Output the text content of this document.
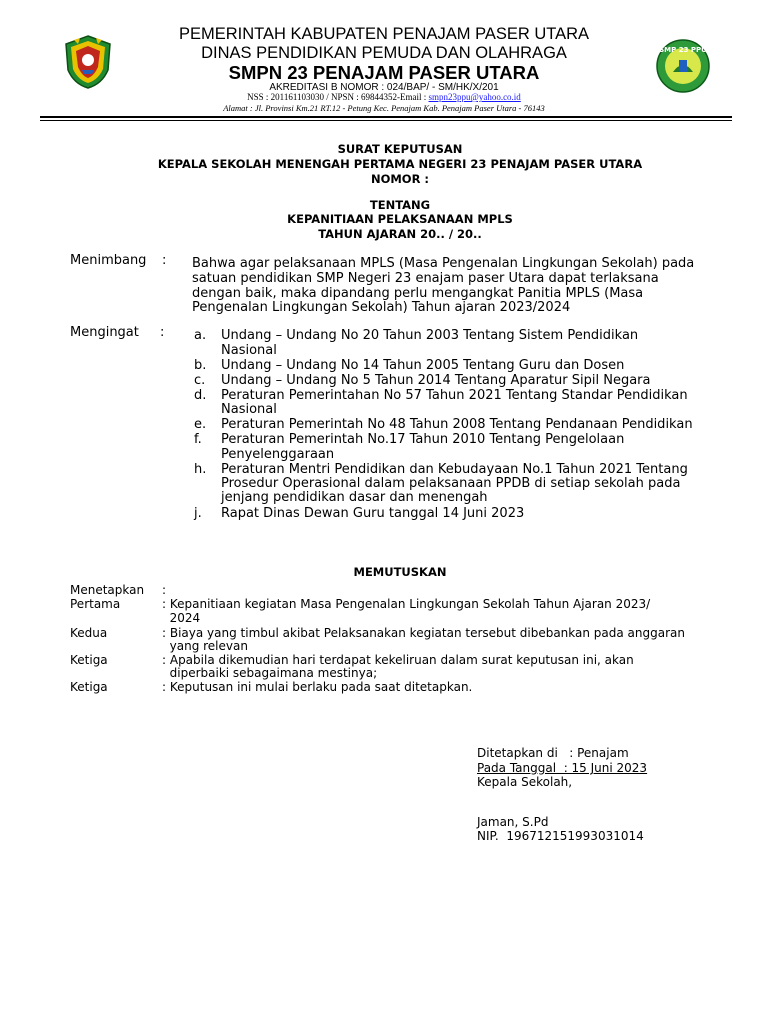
SMP 23 PPU
PEMERINTAH KABUPATEN PENAJAM PASER UTARA
DINAS PENDIDIKAN PEMUDA DAN OLAHRAGA
SMPN 23 PENAJAM PASER UTARA
AKREDITASI B NOMOR : 024/BAP/ - SM/HK/X/201
NSS : 201161103030 / NPSN : 69844352-Email : smpn23ppu@yahoo.co.id
Alamat : Jl. Provinsi Km.21 RT.12 - Petung Kec. Penajam Kab. Penajam Paser Utara - 76143
SURAT KEPUTUSAN
KEPALA SEKOLAH MENENGAH PERTAMA NEGERI 23 PENAJAM PASER UTARA
NOMOR :
TENTANG
KEPANITIAAN PELAKSANAAN MPLS
TAHUN AJARAN 20.. / 20..
Menimbang : Bahwa agar pelaksanaan MPLS (Masa Pengenalan Lingkungan Sekolah) pada
satuan pendidikan SMP Negeri 23 enajam paser Utara dapat terlaksana
dengan baik, maka dipandang perlu mengangkat Panitia MPLS (Masa
Pengenalan Lingkungan Sekolah) Tahun ajaran 2023/2024
Mengingat : a. Undang – Undang No 20 Tahun 2003 Tentang Sistem Pendidikan
Nasional
b. Undang – Undang No 14 Tahun 2005 Tentang Guru dan Dosen
c. Undang – Undang No 5 Tahun 2014 Tentang Aparatur Sipil Negara
d. Peraturan Pemerintahan No 57 Tahun 2021 Tentang Standar Pendidikan
Nasional
e. Peraturan Pemerintah No 48 Tahun 2008 Tentang Pendanaan Pendidikan
f. Peraturan Pemerintah No.17 Tahun 2010 Tentang Pengelolaan
Penyelenggaraan
h. Peraturan Mentri Pendidikan dan Kebudayaan No.1 Tahun 2021 Tentang
Prosedur Operasional dalam pelaksanaan PPDB di setiap sekolah pada
jenjang pendidikan dasar dan menengah
j. Rapat Dinas Dewan Guru tanggal 14 Juni 2023
MEMUTUSKAN
Menetapkan :
Pertama	: Kepanitiaan kegiatan Masa Pengenalan Lingkungan Sekolah Tahun Ajaran 2023/
2024
Kedua	: Biaya yang timbul akibat Pelaksanakan kegiatan tersebut dibebankan pada anggaran
yang relevan
Ketiga	: Apabila dikemudian hari terdapat kekeliruan dalam surat keputusan ini, akan
diperbaiki sebagaimana mestinya;
Ketiga	: Keputusan ini mulai berlaku pada saat ditetapkan.
Ditetapkan di   : Penajam
Pada Tanggal  : 15 Juni 2023
Kepala Sekolah,
Jaman, S.Pd
NIP.  196712151993031014
